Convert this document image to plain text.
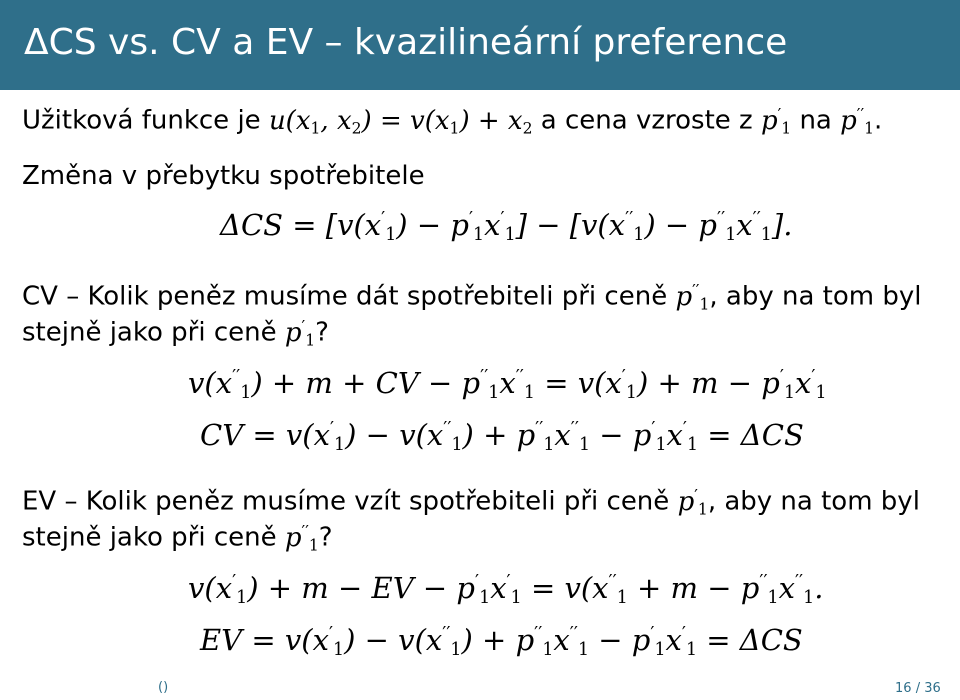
ΔCS vs. CV a EV – kvazilineární preference
Užitková funkce je u(x1, x2) = v(x1) + x2 a cena vzroste z p′1 na p′′1.
Změna v přebytku spotřebitele
ΔCS = [v(x′1) − p′1x′1] − [v(x′′1) − p′′1x′′1].
CV – Kolik peněz musíme dát spotřebiteli při ceně p′′1, aby na tom byl
stejně jako při ceně p′1?
v(x′′1) + m + CV − p′′1x′′1 = v(x′1) + m − p′1x′1
CV = v(x′1) − v(x′′1) + p′′1x′′1 − p′1x′1 = ΔCS
EV – Kolik peněz musíme vzít spotřebiteli při ceně p′1, aby na tom byl
stejně jako při ceně p′′1?
v(x′1) + m − EV − p′1x′1 = v(x′′1 + m − p′′1x′′1.
EV = v(x′1) − v(x′′1) + p′′1x′′1 − p′1x′1 = ΔCS
()	16 / 36
